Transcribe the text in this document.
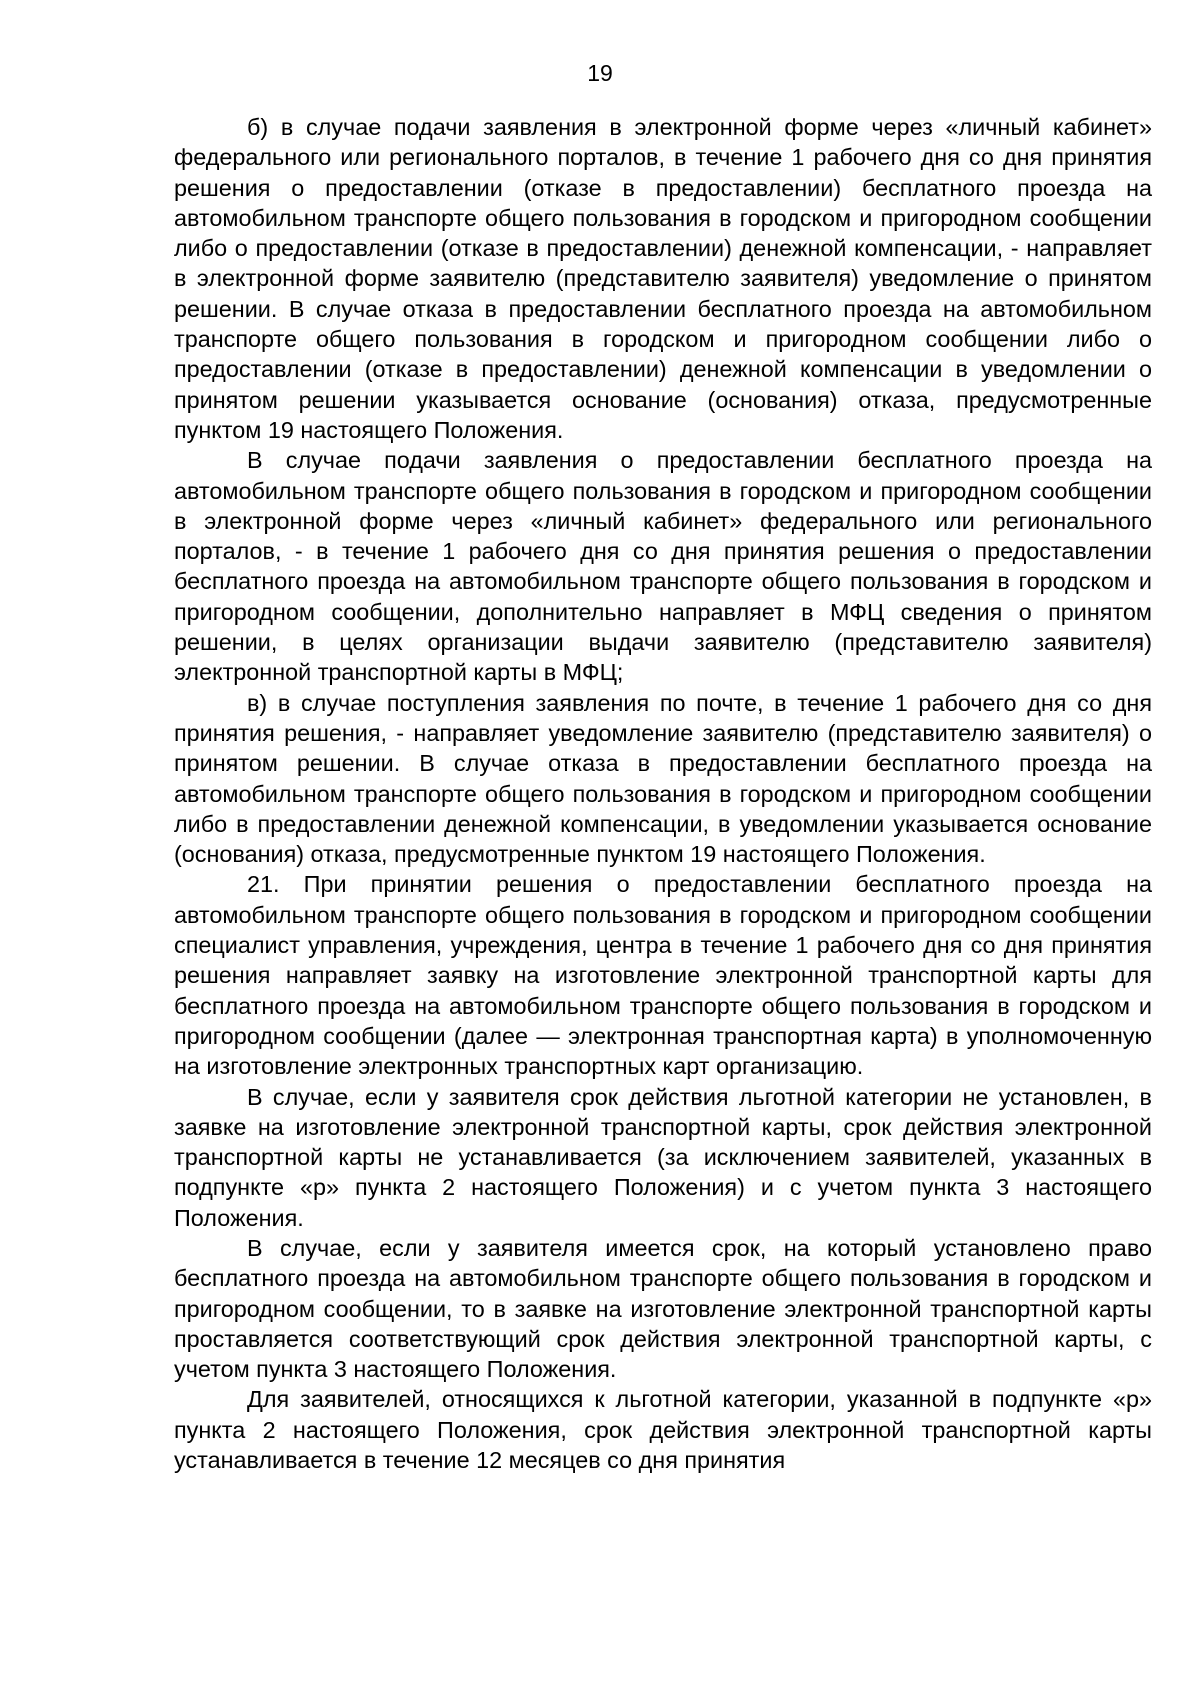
19

б) в случае подачи заявления в электронной форме через «личный кабинет» федерального или регионального порталов, в течение 1 рабочего дня со дня принятия решения о предоставлении (отказе в предоставлении) бесплатного проезда на автомобильном транспорте общего пользования в городском и пригородном сообщении либо о предоставлении (отказе в предоставлении) денежной компенсации, - направляет в электронной форме заявителю (представителю заявителя) уведомление о принятом решении. В случае отказа в предоставлении бесплатного проезда на автомобильном транспорте общего пользования в городском и пригородном сообщении либо о предоставлении (отказе в предоставлении) денежной компенсации в уведомлении о принятом решении указывается основание (основания) отказа, предусмотренные пунктом 19 настоящего Положения.

В случае подачи заявления о предоставлении бесплатного проезда на автомобильном транспорте общего пользования в городском и пригородном сообщении в электронной форме через «личный кабинет» федерального или регионального порталов, - в течение 1 рабочего дня со дня принятия решения о предоставлении бесплатного проезда на автомобильном транспорте общего пользования в городском и пригородном сообщении, дополнительно направляет в МФЦ сведения о принятом решении, в целях организации выдачи заявителю (представителю заявителя) электронной транспортной карты в МФЦ;

в) в случае поступления заявления по почте, в течение 1 рабочего дня со дня принятия решения, - направляет уведомление заявителю (представителю заявителя) о принятом решении. В случае отказа в предоставлении бесплатного проезда на автомобильном транспорте общего пользования в городском и пригородном сообщении либо в предоставлении денежной компенсации, в уведомлении указывается основание (основания) отказа, предусмотренные пунктом 19 настоящего Положения.

21. При принятии решения о предоставлении бесплатного проезда на автомобильном транспорте общего пользования в городском и пригородном сообщении специалист управления, учреждения, центра в течение 1 рабочего дня со дня принятия решения направляет заявку на изготовление электронной транспортной карты для бесплатного проезда на автомобильном транспорте общего пользования в городском и пригородном сообщении (далее — электронная транспортная карта) в уполномоченную на изготовление электронных транспортных карт организацию.

В случае, если у заявителя срок действия льготной категории не установлен, в заявке на изготовление электронной транспортной карты, срок действия электронной транспортной карты не устанавливается (за исключением заявителей, указанных в подпункте «р» пункта 2 настоящего Положения) и с учетом пункта 3 настоящего Положения.

В случае, если у заявителя имеется срок, на который установлено право бесплатного проезда на автомобильном транспорте общего пользования в городском и пригородном сообщении, то в заявке на изготовление электронной транспортной карты проставляется соответствующий срок действия электронной транспортной карты, с учетом пункта 3 настоящего Положения.

Для заявителей, относящихся к льготной категории, указанной в подпункте «р» пункта 2 настоящего Положения, срок действия электронной транспортной карты устанавливается в течение 12 месяцев со дня принятия
